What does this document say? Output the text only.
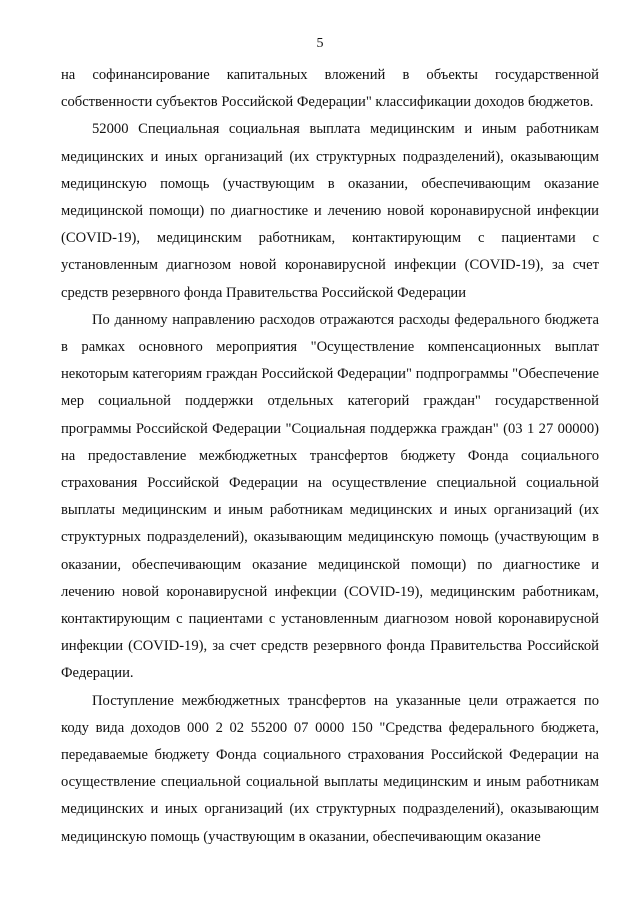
5

на софинансирование капитальных вложений в объекты государственной собственности субъектов Российской Федерации" классификации доходов бюджетов.

52000 Специальная социальная выплата медицинским и иным работникам медицинских и иных организаций (их структурных подразделений), оказывающим медицинскую помощь (участвующим в оказании, обеспечивающим оказание медицинской помощи) по диагностике и лечению новой коронавирусной инфекции (COVID-19), медицинским работникам, контактирующим с пациентами с установленным диагнозом новой коронавирусной инфекции (COVID-19), за счет средств резервного фонда Правительства Российской Федерации

По данному направлению расходов отражаются расходы федерального бюджета в рамках основного мероприятия "Осуществление компенсационных выплат некоторым категориям граждан Российской Федерации" подпрограммы "Обеспечение мер социальной поддержки отдельных категорий граждан" государственной программы Российской Федерации "Социальная поддержка граждан" (03 1 27 00000) на предоставление межбюджетных трансфертов бюджету Фонда социального страхования Российской Федерации на осуществление специальной социальной выплаты медицинским и иным работникам медицинских и иных организаций (их структурных подразделений), оказывающим медицинскую помощь (участвующим в оказании, обеспечивающим оказание медицинской помощи) по диагностике и лечению новой коронавирусной инфекции (COVID-19), медицинским работникам, контактирующим с пациентами с установленным диагнозом новой коронавирусной инфекции (COVID-19), за счет средств резервного фонда Правительства Российской Федерации.

Поступление межбюджетных трансфертов на указанные цели отражается по коду вида доходов 000 2 02 55200 07 0000 150 "Средства федерального бюджета, передаваемые бюджету Фонда социального страхования Российской Федерации на осуществление специальной социальной выплаты медицинским и иным работникам медицинских и иных организаций (их структурных подразделений), оказывающим медицинскую помощь (участвующим в оказании, обеспечивающим оказание
